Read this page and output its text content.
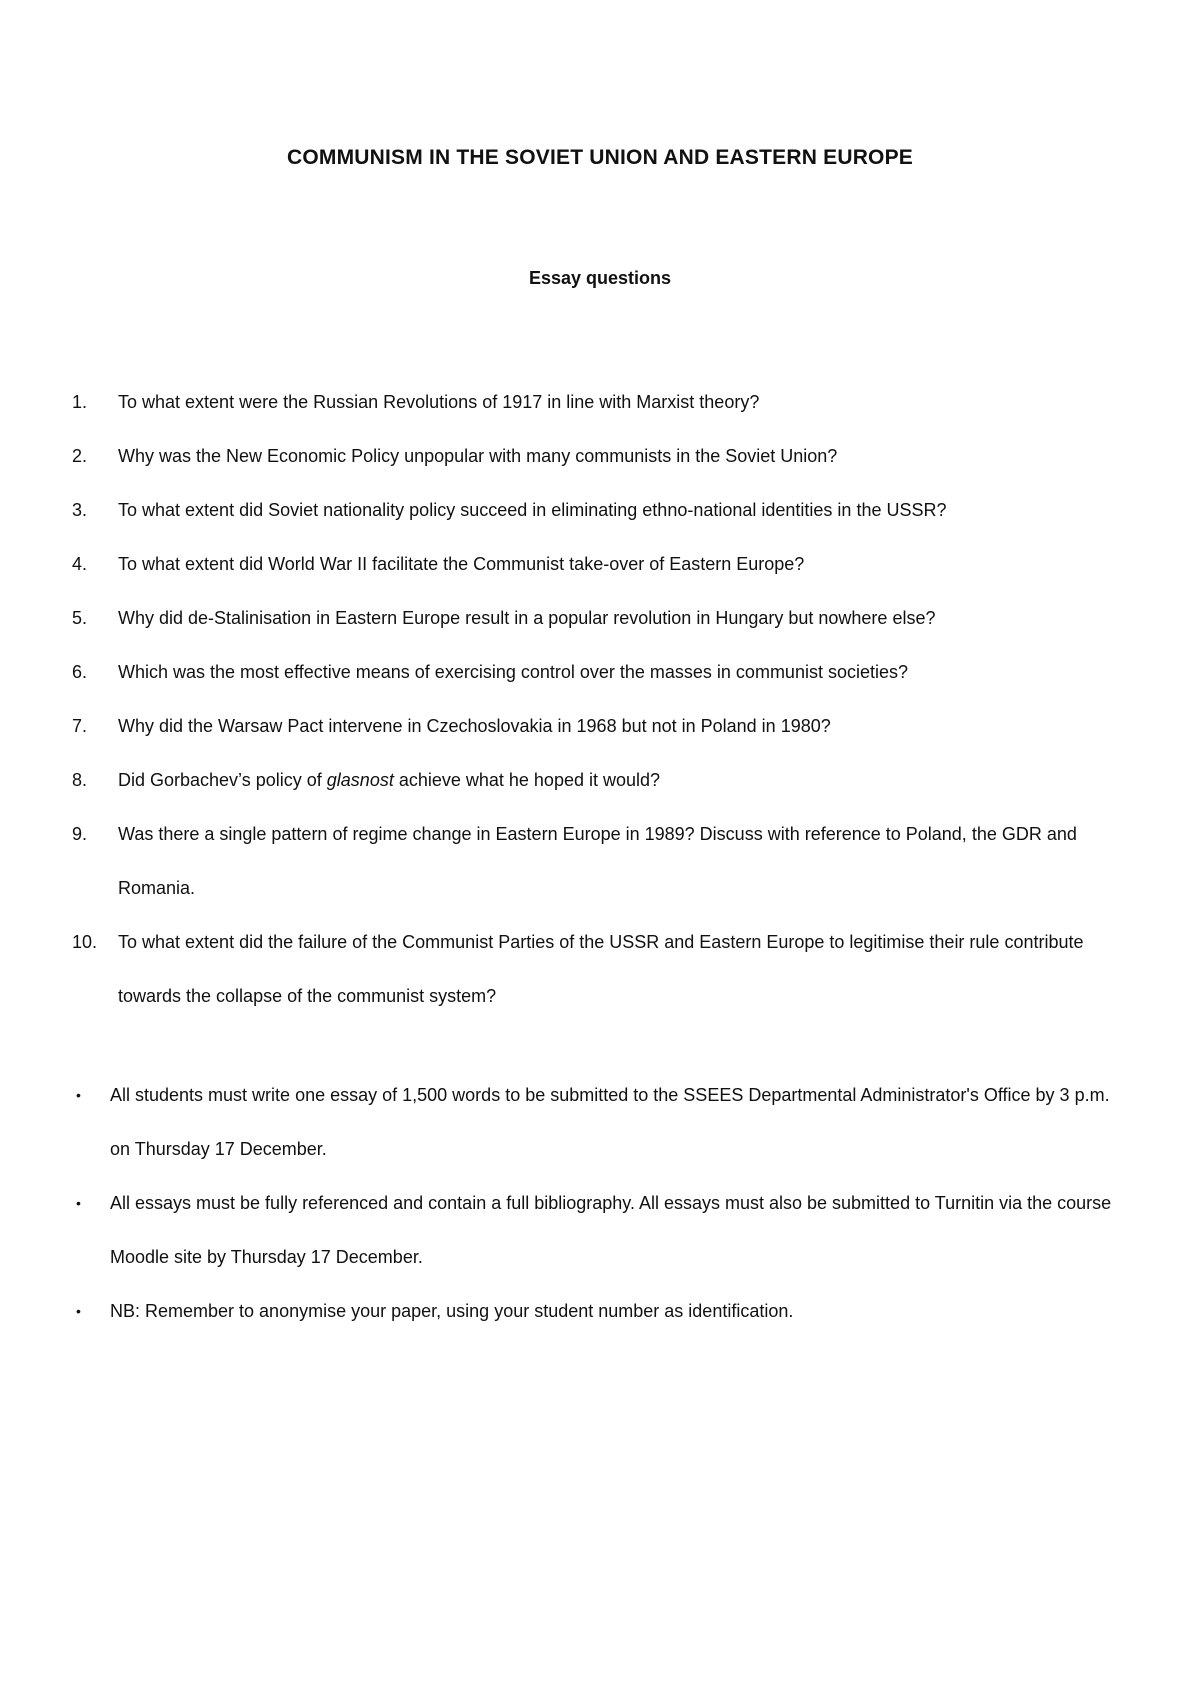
COMMUNISM IN THE SOVIET UNION AND EASTERN EUROPE
Essay questions
1.	To what extent were the Russian Revolutions of 1917 in line with Marxist theory?
2.	Why was the New Economic Policy unpopular with many communists in the Soviet Union?
3.	To what extent did Soviet nationality policy succeed in eliminating ethno-national identities in the USSR?
4.	To what extent did World War II facilitate the Communist take-over of Eastern Europe?
5.	Why did de-Stalinisation in Eastern Europe result in a popular revolution in Hungary but nowhere else?
6.	Which was the most effective means of exercising control over the masses in communist societies?
7.	Why did the Warsaw Pact intervene in Czechoslovakia in 1968 but not in Poland in 1980?
8.	Did Gorbachev’s policy of glasnost achieve what he hoped it would?
9.	Was there a single pattern of regime change in Eastern Europe in 1989? Discuss with reference to Poland, the GDR and Romania.
10.	To what extent did the failure of the Communist Parties of the USSR and Eastern Europe to legitimise their rule contribute towards the collapse of the communist system?
• All students must write one essay of 1,500 words to be submitted to the SSEES Departmental Administrator's Office by 3 p.m. on Thursday 17 December.
• All essays must be fully referenced and contain a full bibliography. All essays must also be submitted to Turnitin via the course Moodle site by Thursday 17 December.
• NB: Remember to anonymise your paper, using your student number as identification.
